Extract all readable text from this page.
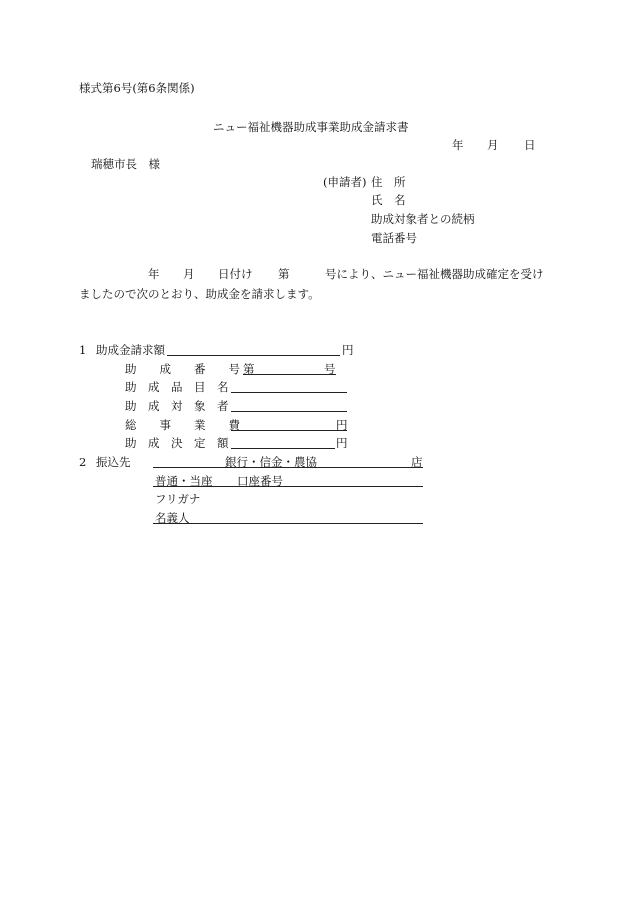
様式第6号(第6条関係)
ニュー福祉機器助成事業助成金請求書
年 月 日
瑞穂市長　様
(申請者) 住　所
氏　名
助成対象者との続柄
電話番号
年 月 日付け 第	号により、ニュー福祉機器助成確定を受け
ましたので次のとおり、助成金を請求します。
1 助成金請求額	円
助　　成　　番　　号 第	号
助　成　品　目　名
助　成　対　象　者
総　　事　　業　　費	円
助　成　決　定　額	円
2 振込先	銀行・信金・農協	店
普通・当座 口座番号
フリガナ
名義人
